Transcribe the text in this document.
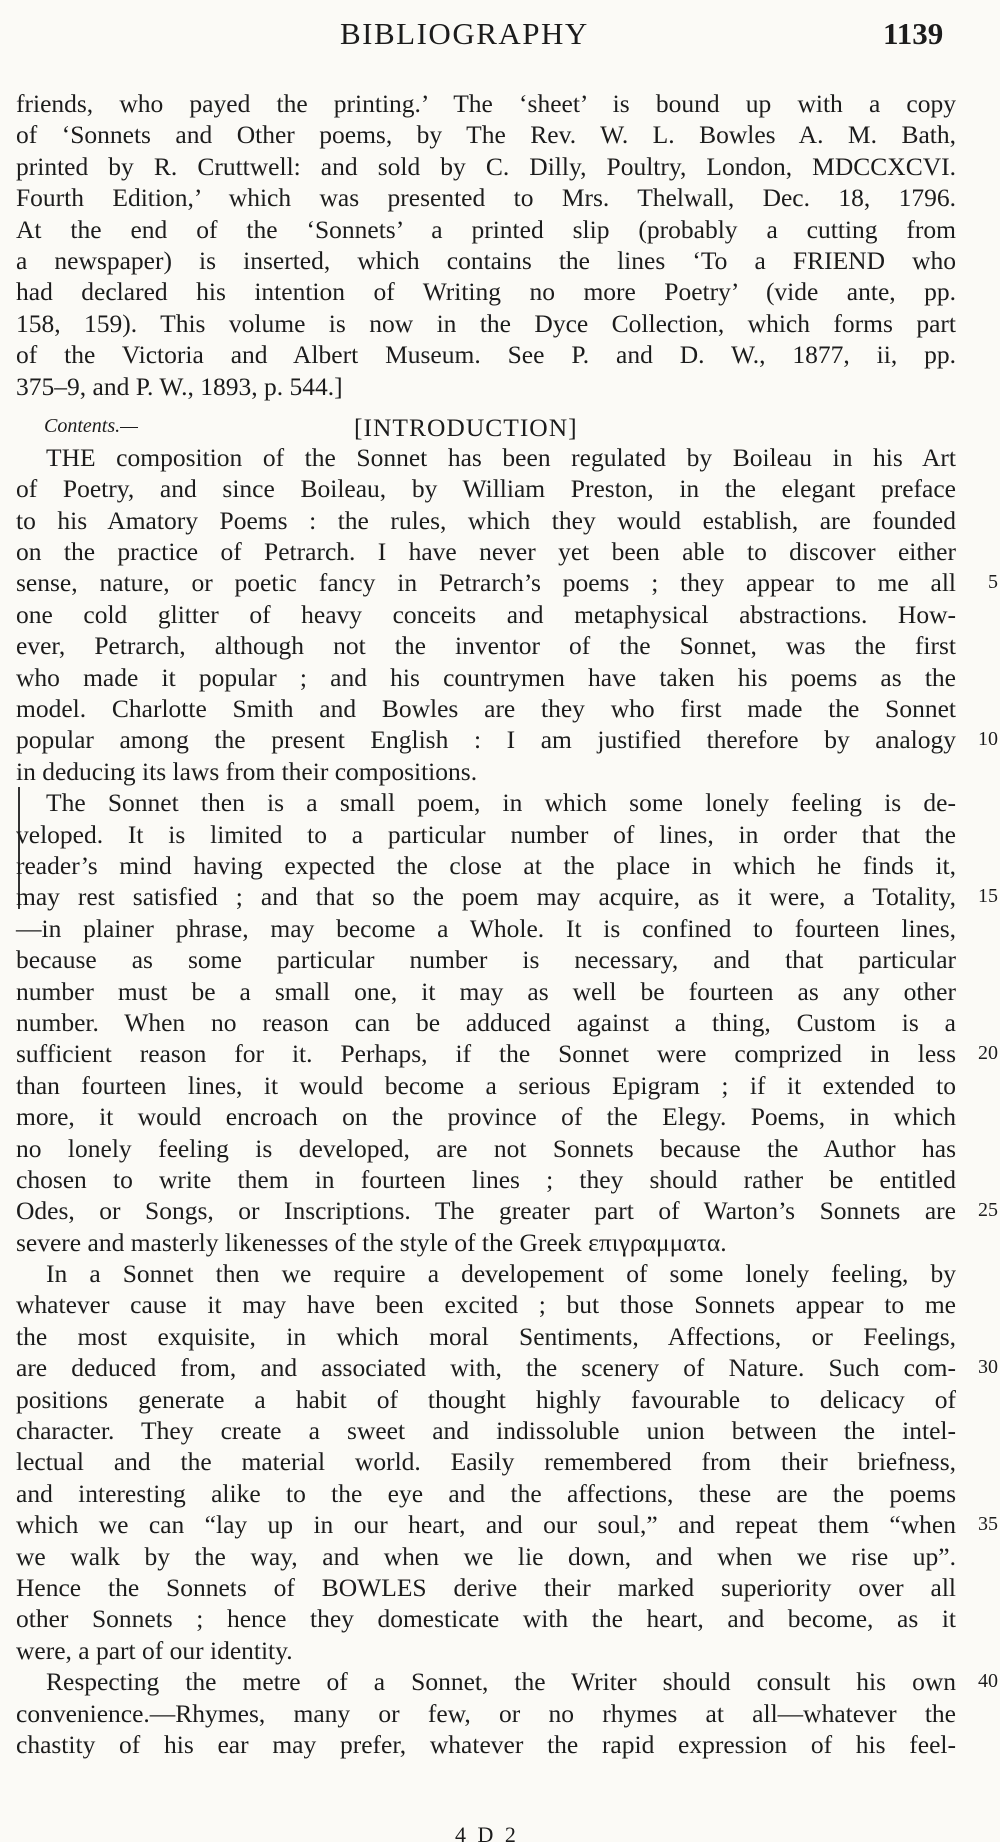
BIBLIOGRAPHY	1139
friends, who payed the printing.’ The ‘sheet’ is bound up with a copy
of ‘Sonnets and Other poems, by The Rev. W. L. Bowles A. M. Bath,
printed by R. Cruttwell: and sold by C. Dilly, Poultry, London, MDCCXCVI.
Fourth Edition,’ which was presented to Mrs. Thelwall, Dec. 18, 1796.
At the end of the ‘Sonnets’ a printed slip (probably a cutting from
a newspaper) is inserted, which contains the lines ‘To a FRIEND who
had declared his intention of Writing no more Poetry’ (vide ante, pp.
158, 159). This volume is now in the Dyce Collection, which forms part
of the Victoria and Albert Museum. See P. and D. W., 1877, ii, pp.
375–9, and P. W., 1893, p. 544.]
Contents.—	[INTRODUCTION]
THE composition of the Sonnet has been regulated by Boileau in his Art
of Poetry, and since Boileau, by William Preston, in the elegant preface
to his Amatory Poems : the rules, which they would establish, are founded
on the practice of Petrarch. I have never yet been able to discover either
sense, nature, or poetic fancy in Petrarch’s poems ; they appear to me all 5
one cold glitter of heavy conceits and metaphysical abstractions. How-
ever, Petrarch, although not the inventor of the Sonnet, was the first
who made it popular ; and his countrymen have taken his poems as the
model. Charlotte Smith and Bowles are they who first made the Sonnet
popular among the present English : I am justified therefore by analogy 10
in deducing its laws from their compositions.
The Sonnet then is a small poem, in which some lonely feeling is de-
veloped. It is limited to a particular number of lines, in order that the
reader’s mind having expected the close at the place in which he finds it,
may rest satisfied ; and that so the poem may acquire, as it were, a Totality, 15
—in plainer phrase, may become a Whole. It is confined to fourteen lines,
because as some particular number is necessary, and that particular
number must be a small one, it may as well be fourteen as any other
number. When no reason can be adduced against a thing, Custom is a
sufficient reason for it. Perhaps, if the Sonnet were comprized in less 20
than fourteen lines, it would become a serious Epigram ; if it extended to
more, it would encroach on the province of the Elegy. Poems, in which
no lonely feeling is developed, are not Sonnets because the Author has
chosen to write them in fourteen lines ; they should rather be entitled
Odes, or Songs, or Inscriptions. The greater part of Warton’s Sonnets are 25
severe and masterly likenesses of the style of the Greek επιγραμματα.
In a Sonnet then we require a developement of some lonely feeling, by
whatever cause it may have been excited ; but those Sonnets appear to me
the most exquisite, in which moral Sentiments, Affections, or Feelings,
are deduced from, and associated with, the scenery of Nature. Such com- 30
positions generate a habit of thought highly favourable to delicacy of
character. They create a sweet and indissoluble union between the intel-
lectual and the material world. Easily remembered from their briefness,
and interesting alike to the eye and the affections, these are the poems
which we can “lay up in our heart, and our soul,” and repeat them “when 35
we walk by the way, and when we lie down, and when we rise up”.
Hence the Sonnets of BOWLES derive their marked superiority over all
other Sonnets ; hence they domesticate with the heart, and become, as it
were, a part of our identity.
Respecting the metre of a Sonnet, the Writer should consult his own 40
convenience.—Rhymes, many or few, or no rhymes at all—whatever the
chastity of his ear may prefer, whatever the rapid expression of his feel-
4 D 2
